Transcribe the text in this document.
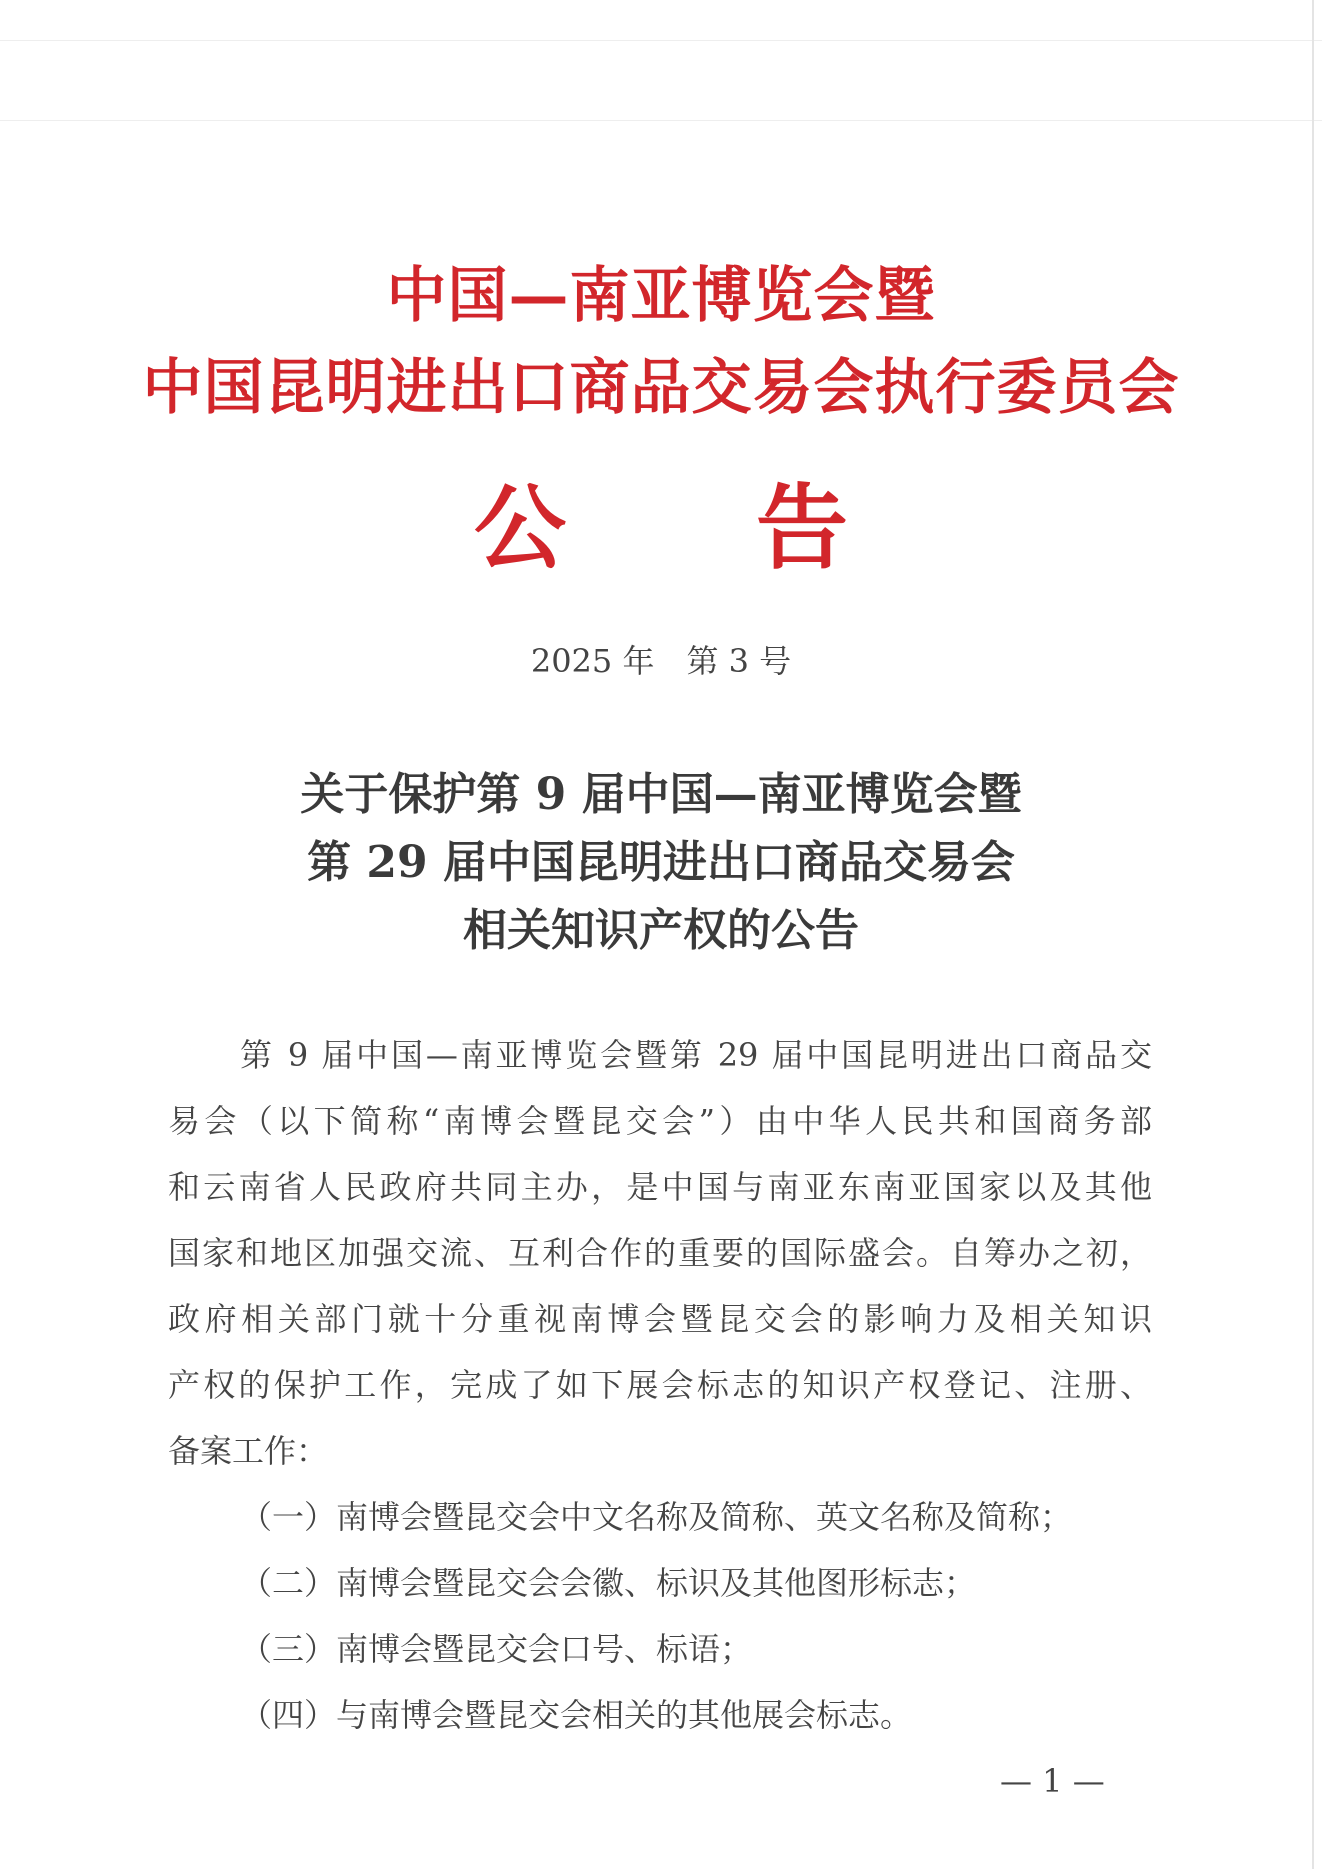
中国—南亚博览会暨
中国昆明进出口商品交易会执行委员会
公 告
2025 年　第 3 号
关于保护第 9 届中国—南亚博览会暨
第 29 届中国昆明进出口商品交易会
相关知识产权的公告
第 9 届中国—南亚博览会暨第 29 届中国昆明进出口商品交
易会（以下简称“南博会暨昆交会”）由中华人民共和国商务部
和云南省人民政府共同主办，是中国与南亚东南亚国家以及其他
国家和地区加强交流、互利合作的重要的国际盛会。自筹办之初，
政府相关部门就十分重视南博会暨昆交会的影响力及相关知识
产权的保护工作，完成了如下展会标志的知识产权登记、注册、
备案工作：
（一）南博会暨昆交会中文名称及简称、英文名称及简称；
（二）南博会暨昆交会会徽、标识及其他图形标志；
（三）南博会暨昆交会口号、标语；
（四）与南博会暨昆交会相关的其他展会标志。
— 1 —
